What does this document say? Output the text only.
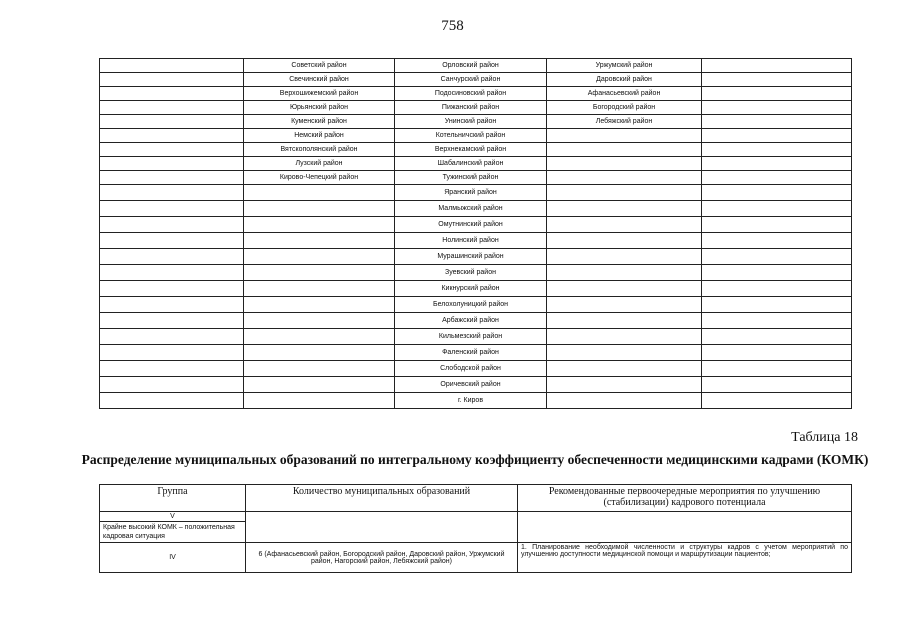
758
	Советский район	Орловский район	Уржумский район	
	Свечинский район	Санчурский район	Даровский район	
	Верхошижемский район	Подосиновский район	Афанасьевский район	
	Юрьянский район	Пижанский район	Богородский район	
	Куменский район	Унинский район	Лебяжский район	
	Немский район	Котельничский район		
	Вятскополянский район	Верхнекамский район		
	Лузский район	Шабалинский район		
	Кирово-Чепецкий район	Тужинский район		
		Яранский район		
		Малмыжский район		
		Омутнинский район		
		Нолинский район		
		Мурашинский район		
		Зуевский район		
		Кикнурский район		
		Белохолуницкий район		
		Арбажский район		
		Кильмезский район		
		Фаленский район		
		Слободской район		
		Оричевский район		
		г. Киров		
Таблица 18
Распределение муниципальных образований по интегральному коэффициенту обеспеченности медицинскими кадрами (КОМК)
Группа	Количество муниципальных образований	Рекомендованные первоочередные мероприятия по улучшению (стабилизации) кадрового потенциала

V
Крайне высокий КОМК – положительная кадровая ситуация		

IV	6 (Афанасьевский район, Богородский район, Даровский район, Уржумский район, Нагорский район, Лебяжский район)	1. Планирование необходимой численности и структуры кадров с учетом мероприятий по улучшению доступности медицинской помощи и маршрутизации пациентов;
